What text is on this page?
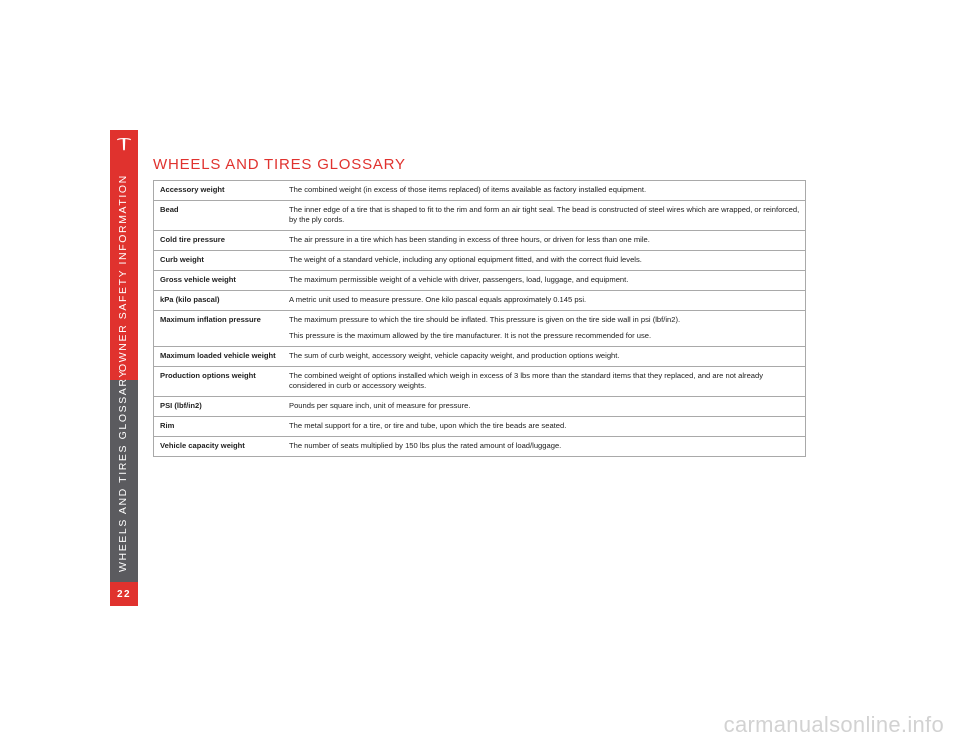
OWNER SAFETY INFORMATION
WHEELS AND TIRES GLOSSARY
22
WHEELS AND TIRES GLOSSARY
Accessory weight	The combined weight (in excess of those items replaced) of items available as factory installed equipment.

Bead	The inner edge of a tire that is shaped to fit to the rim and form an air tight seal. The bead is constructed of steel wires which are wrapped, or reinforced, by the ply cords.

Cold tire pressure	The air pressure in a tire which has been standing in excess of three hours, or driven for less than one mile.

Curb weight	The weight of a standard vehicle, including any optional equipment fitted, and with the correct fluid levels.

Gross vehicle weight	The maximum permissible weight of a vehicle with driver, passengers, load, luggage, and equipment.

kPa (kilo pascal)	A metric unit used to measure pressure. One kilo pascal equals approximately 0.145 psi.

Maximum inflation pressure	The maximum pressure to which the tire should be inflated. This pressure is given on the tire side wall in psi (lbf/in2).

This pressure is the maximum allowed by the tire manufacturer. It is not the pressure recommended for use.

Maximum loaded vehicle weight	The sum of curb weight, accessory weight, vehicle capacity weight, and production options weight.

Production options weight	The combined weight of options installed which weigh in excess of 3 lbs more than the standard items that they replaced, and are not already considered in curb or accessory weights.

PSI (lbf/in2)	Pounds per square inch, unit of measure for pressure.

Rim	The metal support for a tire, or tire and tube, upon which the tire beads are seated.

Vehicle capacity weight	The number of seats multiplied by 150 lbs plus the rated amount of load/luggage.

carmanualsonline.info
